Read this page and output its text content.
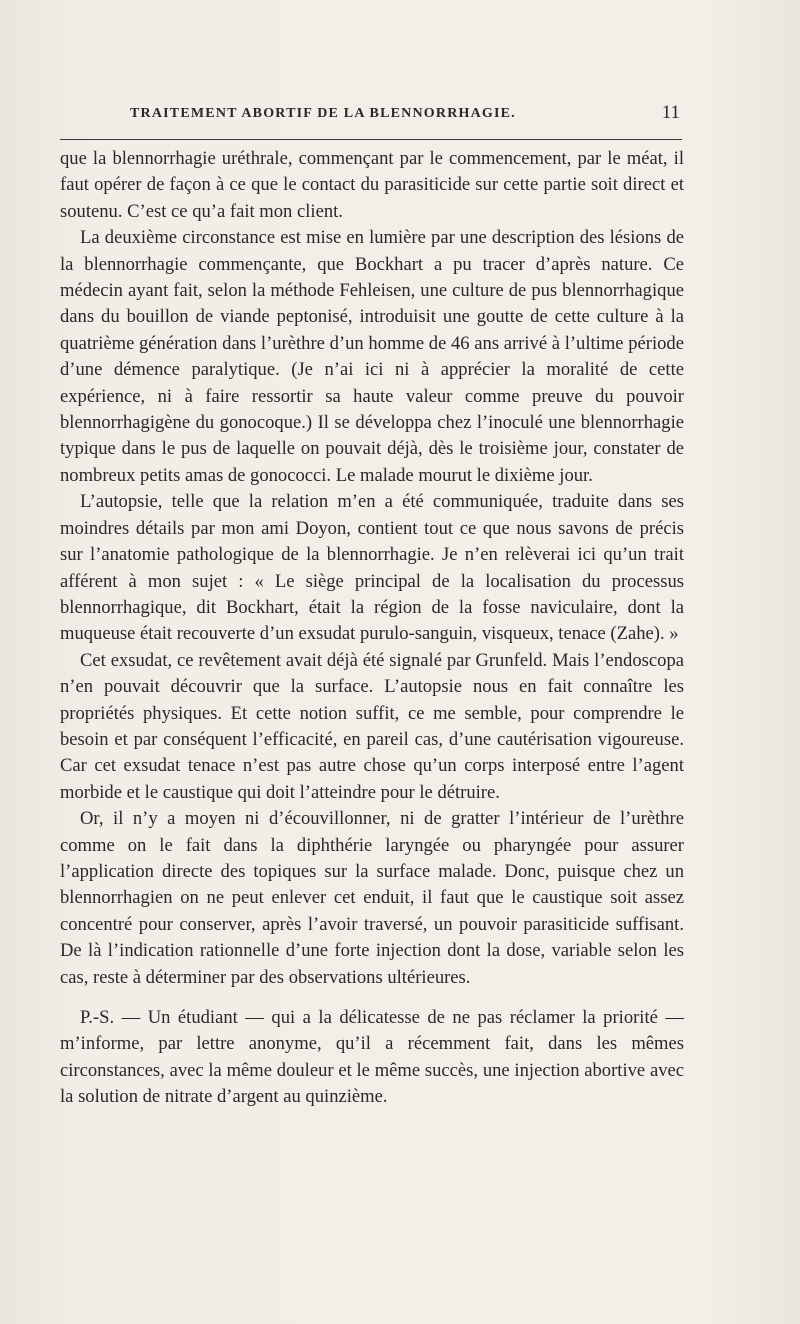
TRAITEMENT ABORTIF DE LA BLENNORRHAGIE.	11

que la blennorrhagie uréthrale, commençant par le commencement, par le méat, il faut opérer de façon à ce que le contact du parasiticide sur cette partie soit direct et soutenu. C’est ce qu’a fait mon client.

La deuxième circonstance est mise en lumière par une description des lésions de la blennorrhagie commençante, que Bockhart a pu tracer d’après nature. Ce médecin ayant fait, selon la méthode Fehleisen, une culture de pus blennorrhagique dans du bouillon de viande peptonisé, introduisit une goutte de cette culture à la quatrième génération dans l’urèthre d’un homme de 46 ans arrivé à l’ultime période d’une démence paralytique. (Je n’ai ici ni à apprécier la moralité de cette expérience, ni à faire ressortir sa haute valeur comme preuve du pouvoir blennorrhagigène du gonocoque.) Il se développa chez l’inoculé une blennorrhagie typique dans le pus de laquelle on pouvait déjà, dès le troisième jour, constater de nombreux petits amas de gonococci. Le malade mourut le dixième jour.

L’autopsie, telle que la relation m’en a été communiquée, traduite dans ses moindres détails par mon ami Doyon, contient tout ce que nous savons de précis sur l’anatomie pathologique de la blennorrhagie. Je n’en relèverai ici qu’un trait afférent à mon sujet : « Le siège principal de la localisation du processus blennorrhagique, dit Bockhart, était la région de la fosse naviculaire, dont la muqueuse était recouverte d’un exsudat purulo-sanguin, visqueux, tenace (Zahe). »

Cet exsudat, ce revêtement avait déjà été signalé par Grunfeld. Mais l’endoscopa n’en pouvait découvrir que la surface. L’autopsie nous en fait connaître les propriétés physiques. Et cette notion suffit, ce me semble, pour comprendre le besoin et par conséquent l’efficacité, en pareil cas, d’une cautérisation vigoureuse. Car cet exsudat tenace n’est pas autre chose qu’un corps interposé entre l’agent morbide et le caustique qui doit l’atteindre pour le détruire.

Or, il n’y a moyen ni d’écouvillonner, ni de gratter l’intérieur de l’urèthre comme on le fait dans la diphthérie laryngée ou pharyngée pour assurer l’application directe des topiques sur la surface malade. Donc, puisque chez un blennorrhagien on ne peut enlever cet enduit, il faut que le caustique soit assez concentré pour conserver, après l’avoir traversé, un pouvoir parasiticide suffisant. De là l’indication rationnelle d’une forte injection dont la dose, variable selon les cas, reste à déterminer par des observations ultérieures.

P.-S. — Un étudiant — qui a la délicatesse de ne pas réclamer la priorité — m’informe, par lettre anonyme, qu’il a récemment fait, dans les mêmes circonstances, avec la même douleur et le même succès, une injection abortive avec la solution de nitrate d’argent au quinzième.
